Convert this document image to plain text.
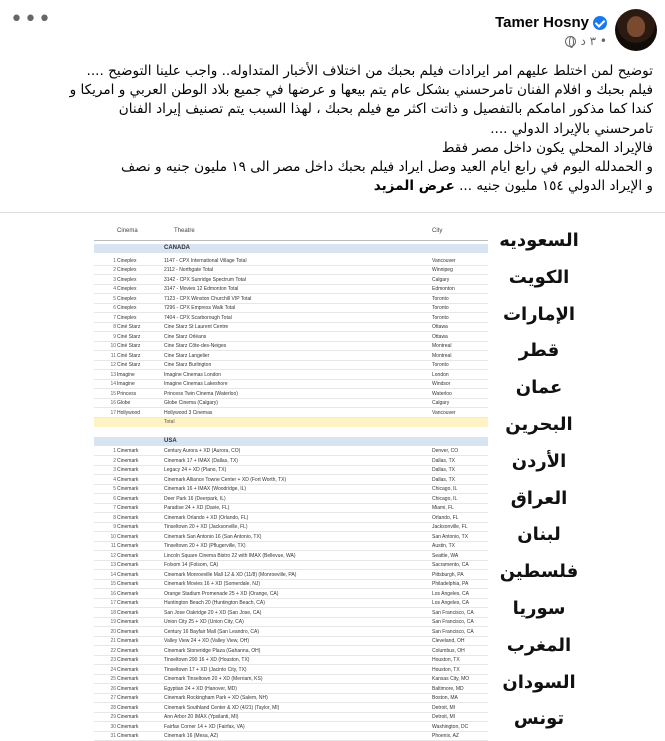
•••	Tamer Hosny
٣ د •

توضيح لمن اختلط عليهم امر ايرادات فيلم بحبك من اختلاف الأخبار المتداوله.. واجب علينا التوضيح ....

فيلم بحبك و افلام الفنان تامرحسني بشكل عام يتم بيعها و عرضها في جميع بلاد الوطن العربي و امريكا و

كندا كما مذكور امامكم بالتفصيل و ذاتت اكثر مع فيلم بحبك ، لهذا السبب يتم تصنيف إيراد الفنان

تامرحسني بالإيراد الدولي ....

فالإيراد المحلي يكون داخل مصر فقط

و الحمدلله اليوم في رابع ايام العيد وصل ايراد فيلم بحبك داخل مصر الى ١٩ مليون جنيه و نصف

و الإيراد الدولي ١٥٤ مليون جنيه ... عرض المزيد

Cinema	Theatre	City
CANADA
1 Cineplex	1147 - CPX International Village Total	Vancouver
2 Cineplex	2112 - Northgate Total	Winnipeg
3 Cineplex	3142 - CPX Sunridge Spectrum Total	Calgary
4 Cineplex	3147 - Movies 12 Edmonton Total	Edmonton
5 Cineplex	7123 - CPX Winston Churchill VIP Total	Toronto
6 Cineplex	7296 - CPX Empress Walk Total	Toronto
7 Cineplex	7404 - CPX Scarborough Total	Toronto
8 Ciné Starz	Cine Starz St Laurent Centre	Ottawa
9 Ciné Starz	Cine Starz Orléans	Ottawa
10 Ciné Starz	Cine Starz Côte-des-Neiges	Montreal
11 Ciné Starz	Cine Starz Langelier	Montreal
12 Ciné Starz	Cine Starz Burlington	Toronto
13 Imagine	Imagine Cinemas London	London
14 Imagine	Imagine Cinemas Lakeshore	Windsor
15 Princess	Princess Twin Cinema (Waterloo)	Waterloo
16 Globe	Globe Cinema (Calgary)	Calgary
17 Hollywood	Hollywood 3 Cinemas	Vancouver
Total
USA
1 Cinemark	Century Aurora + XD (Aurora, CO)	Denver, CO
2 Cinemark	Cinemark 17 + IMAX (Dallas, TX)	Dallas, TX
3 Cinemark	Legacy 24 + XD (Plano, TX)	Dallas, TX
4 Cinemark	Cinemark Alliance Towne Center + XD (Fort Worth, TX)	Dallas, TX
5 Cinemark	Cinemark 16 + IMAX (Woodridge, IL)	Chicago, IL
6 Cinemark	Deer Park 16 (Deerpark, IL)	Chicago, IL
7 Cinemark	Paradise 24 + XD (Davie, FL)	Miami, FL
8 Cinemark	Cinemark Orlando + XD (Orlando, FL)	Orlando, FL
9 Cinemark	Tinseltown 20 + XD (Jacksonville, FL)	Jacksonville, FL
10 Cinemark	Cinemark San Antonio 16 (San Antonio, TX)	San Antonio, TX
11 Cinemark	Tinseltown 20 + XD (Pflugerville, TX)	Austin, TX
12 Cinemark	Lincoln Square Cinema Bistro 22 with IMAX (Bellevue, WA)	Seattle, WA
13 Cinemark	Folsom 14 (Folsom, CA)	Sacramento, CA
14 Cinemark	Cinemark Monroeville Mall 12 & XD (11/8) (Monroeville, PA)	Pittsburgh, PA
15 Cinemark	Cinemark Movies 16 + XD (Somerdale, NJ)	Philadelphia, PA
16 Cinemark	Orange Stadium Promenade 25 + XD (Orange, CA)	Los Angeles, CA
17 Cinemark	Huntington Beach 20 (Huntington Beach, CA)	Los Angeles, CA
18 Cinemark	San Jose Oakridge 20 + XD (San Jose, CA)	San Francisco, CA
19 Cinemark	Union City 25 + XD (Union City, CA)	San Francisco, CA
20 Cinemark	Century 16 Bayfair Mall (San Leandro, CA)	San Francisco, CA
21 Cinemark	Valley View 24 + XD (Valley View, OH)	Cleveland, OH
22 Cinemark	Cinemark Stoneridge Plaza (Gahanna, OH)	Columbus, OH
23 Cinemark	Tinseltown 290 16 + XD (Houston, TX)	Houston, TX
24 Cinemark	Tinseltown 17 + XD (Jacinto City, TX)	Houston, TX
25 Cinemark	Cinemark Tinseltown 20 + XD (Merriam, KS)	Kansas City, MO
26 Cinemark	Egyptian 24 + XD (Hanover, MD)	Baltimore, MD
27 Cinemark	Cinemark Rockingham Park + XD (Salem, NH)	Boston, MA
28 Cinemark	Cinemark Southland Center & XD (4/21) (Taylor, MI)	Detroit, MI
29 Cinemark	Ann Arbor 20 IMAX (Ypsilanti, MI)	Detroit, MI
30 Cinemark	Fairfax Corner 14 + XD (Fairfax, VA)	Washington, DC
31 Cinemark	Cinemark 16 (Mesa, AZ)	Phoenix, AZ
السعوديه
الكويت
الإمارات
قطر
عمان
البحرين
الأردن
العراق
لبنان
فلسطين
سوريا
المغرب
السودان
تونس
